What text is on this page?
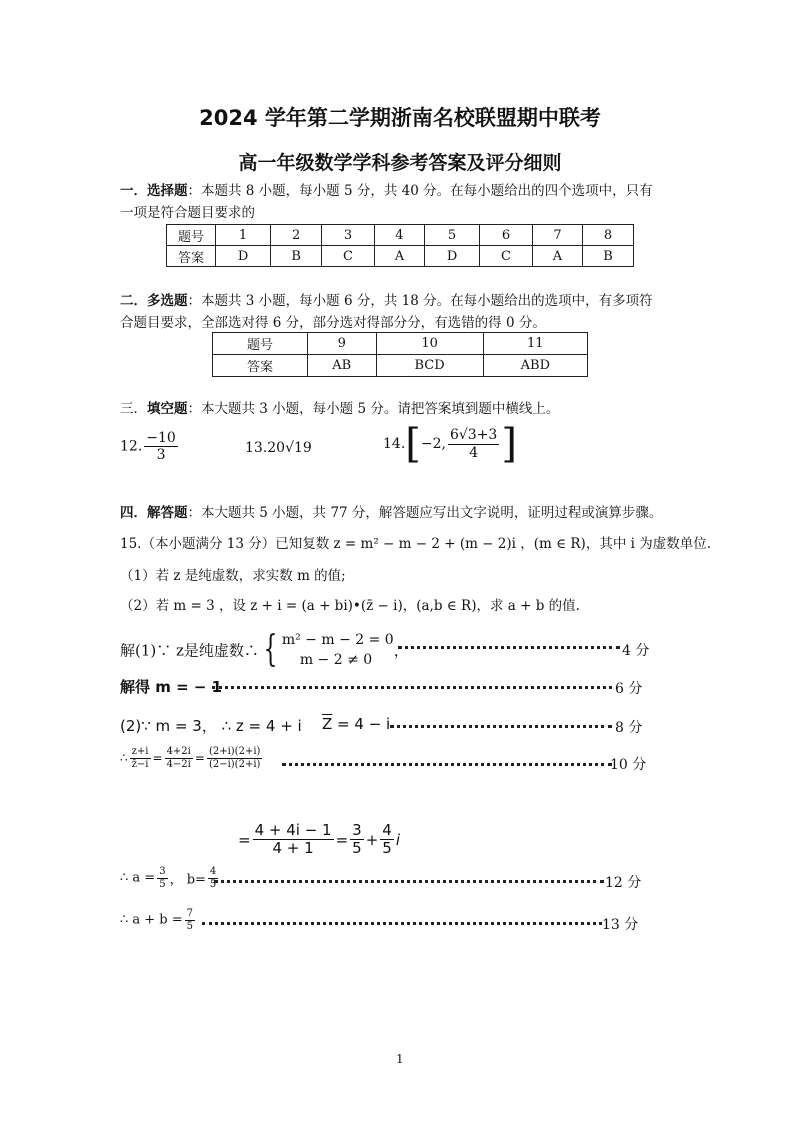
2024 学年第二学期浙南名校联盟期中联考
高一年级数学学科参考答案及评分细则
一．选择题：本题共 8 小题，每小题 5 分，共 40 分。在每小题给出的四个选项中，只有
一项是符合题目要求的
题号	1	2	3	4	5	6	7	8
答案	D	B	C	A	D	C	A	B
二．多选题：本题共 3 小题，每小题 6 分，共 18 分。在每小题给出的选项中，有多项符
合题目要求，全部选对得 6 分，部分选对得部分分，有选错的得 0 分。
题号	9	10	11
答案	AB	BCD	ABD
三．填空题：本大题共 3 小题，每小题 5 分。请把答案填到题中横线上。
12. $\frac{-10}{3}$	13.20√19	14.[−2, $\frac{6√3+3}{4}$ ]
四．解答题：本大题共 5 小题，共 77 分，解答题应写出文字说明，证明过程或演算步骤。
15.（本小题满分 13 分）已知复数 z = m² − m − 2 + (m − 2)i ，(m ∈ R)，其中 i 为虚数单位.
（1）若 z 是纯虚数，求实数 m 的值;
（2）若 m = 3 ，设 z + i = (a + bi)•(z̄ − i)，(a,b ∈ R)，求 a + b 的值.
解(1)∵ z是纯虚数∴ { m² − m − 2 = 0
m − 2 ≠ 0
，	4 分
解得 m = − 1	6 分
(2)∵ m = 3， ∴ z = 4 + i $\overline{Z} = 4 - i$	8 分
∴ $\frac{z+i}{z̄-i} = \frac{4+2i}{4-2i} = \frac{(2+i)(2+i)}{(2-i)(2+i)}$	10 分
= $\frac{4 + 4i - 1}{4 + 1} = \frac{3}{5} + \frac{4}{5}$ i
∴ $a = \frac{3}{5}$ ， $b= \frac{4}{5}$	12 分
∴ $a + b = \frac{7}{5}$	13 分
1
